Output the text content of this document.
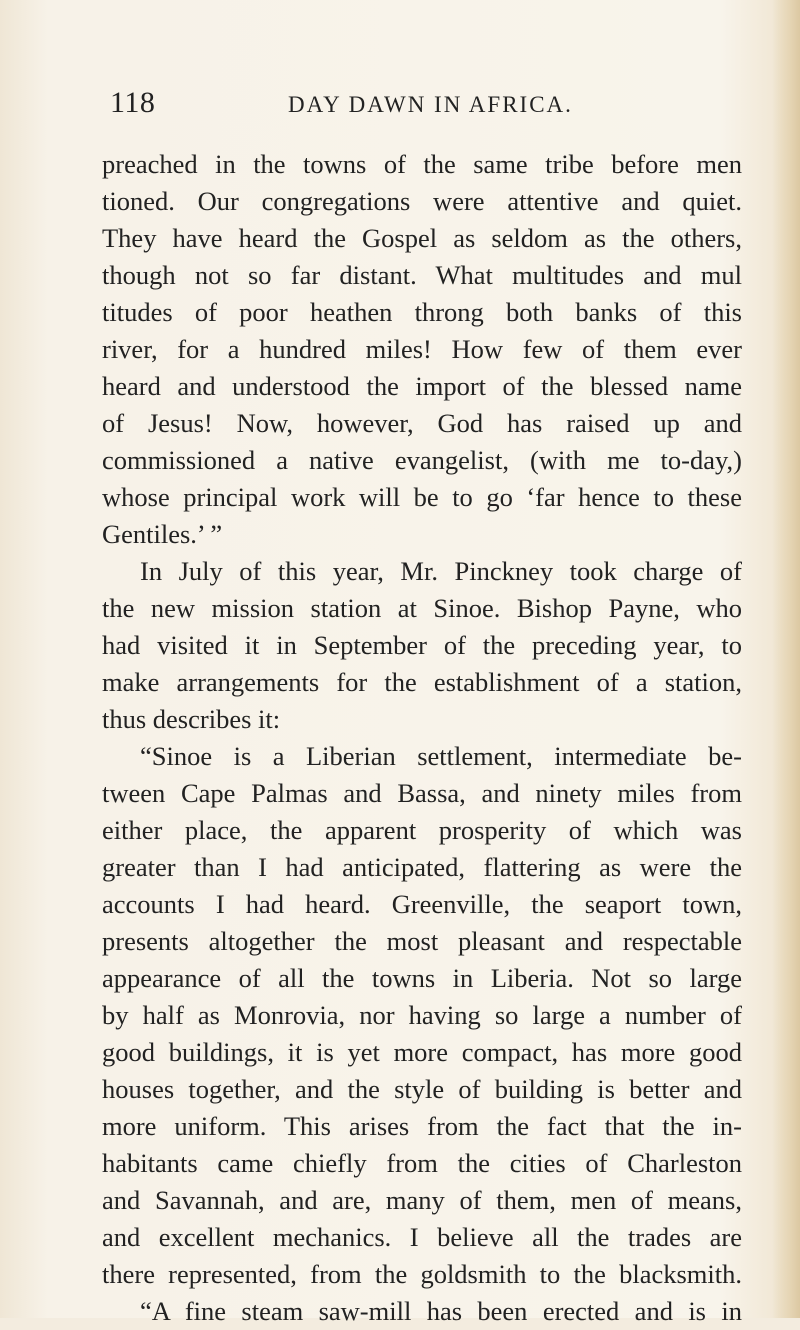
118	DAY DAWN IN AFRICA.
preached in the towns of the same tribe before men
tioned. Our congregations were attentive and quiet.
They have heard the Gospel as seldom as the others,
though not so far distant. What multitudes and mul
titudes of poor heathen throng both banks of this
river, for a hundred miles! How few of them ever
heard and understood the import of the blessed name
of Jesus! Now, however, God has raised up and
commissioned a native evangelist, (with me to-day,)
whose principal work will be to go ‘far hence to these
Gentiles.’ ”
In July of this year, Mr. Pinckney took charge of
the new mission station at Sinoe. Bishop Payne, who
had visited it in September of the preceding year, to
make arrangements for the establishment of a station,
thus describes it:
“Sinoe is a Liberian settlement, intermediate be-
tween Cape Palmas and Bassa, and ninety miles from
either place, the apparent prosperity of which was
greater than I had anticipated, flattering as were the
accounts I had heard. Greenville, the seaport town,
presents altogether the most pleasant and respectable
appearance of all the towns in Liberia. Not so large
by half as Monrovia, nor having so large a number of
good buildings, it is yet more compact, has more good
houses together, and the style of building is better and
more uniform. This arises from the fact that the in-
habitants came chiefly from the cities of Charleston
and Savannah, and are, many of them, men of means,
and excellent mechanics. I believe all the trades are
there represented, from the goldsmith to the blacksmith.
“A fine steam saw-mill has been erected and is in
